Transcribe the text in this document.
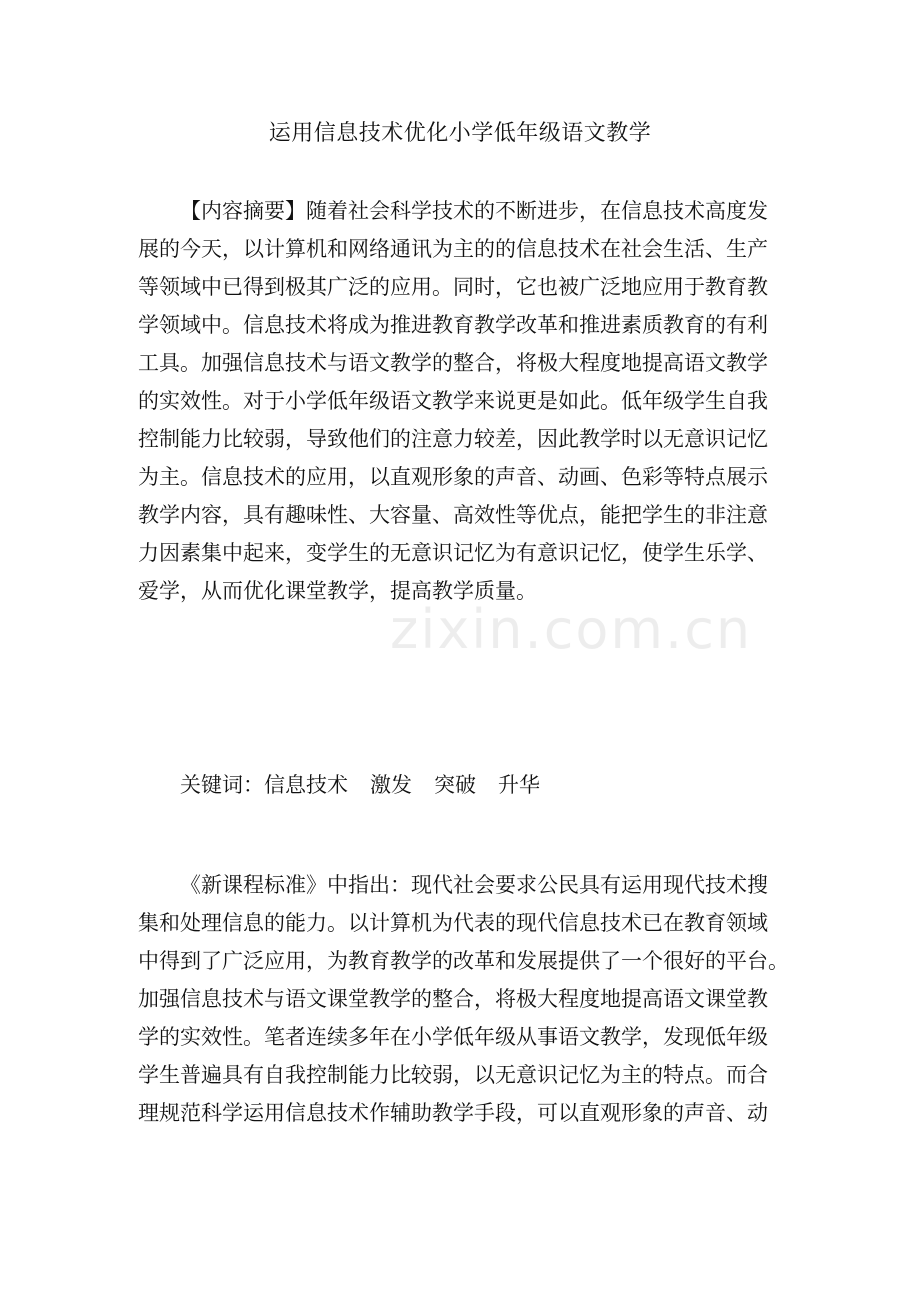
运用信息技术优化小学低年级语文教学
【内容摘要】随着社会科学技术的不断进步，在信息技术高度发
展的今天，以计算机和网络通讯为主的的信息技术在社会生活、生产
等领域中已得到极其广泛的应用。同时，它也被广泛地应用于教育教
学领域中。信息技术将成为推进教育教学改革和推进素质教育的有利
工具。加强信息技术与语文教学的整合，将极大程度地提高语文教学
的实效性。对于小学低年级语文教学来说更是如此。低年级学生自我
控制能力比较弱，导致他们的注意力较差，因此教学时以无意识记忆
为主。信息技术的应用，以直观形象的声音、动画、色彩等特点展示
教学内容，具有趣味性、大容量、高效性等优点，能把学生的非注意
力因素集中起来，变学生的无意识记忆为有意识记忆，使学生乐学、
爱学，从而优化课堂教学，提高教学质量。
关键词：信息技术 激发 突破 升华
《新课程标准》中指出：现代社会要求公民具有运用现代技术搜
集和处理信息的能力。以计算机为代表的现代信息技术已在教育领域
中得到了广泛应用，为教育教学的改革和发展提供了一个很好的平台。
加强信息技术与语文课堂教学的整合，将极大程度地提高语文课堂教
学的实效性。笔者连续多年在小学低年级从事语文教学，发现低年级
学生普遍具有自我控制能力比较弱，以无意识记忆为主的特点。而合
理规范科学运用信息技术作辅助教学手段，可以直观形象的声音、动
zixin.com.cn
